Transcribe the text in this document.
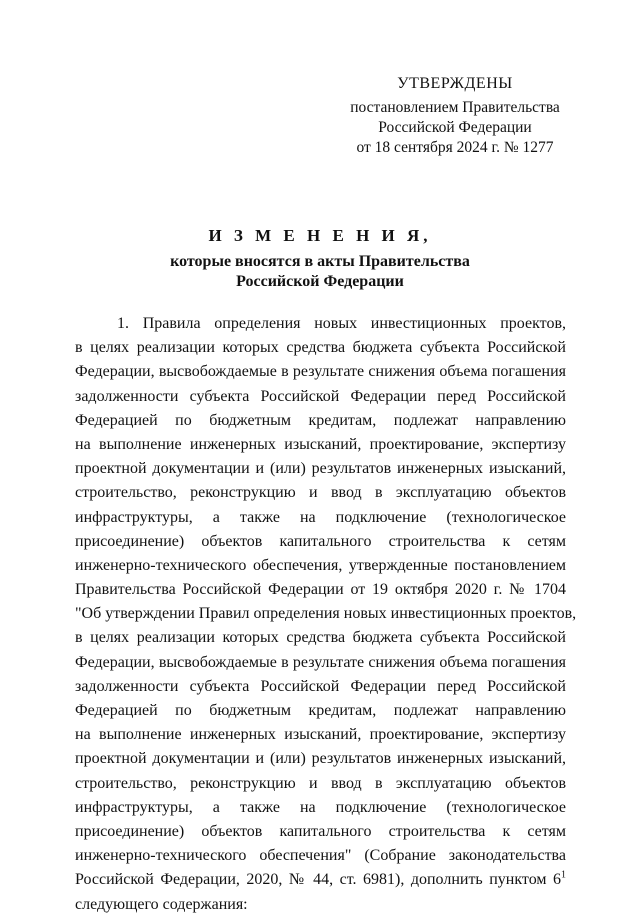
УТВЕРЖДЕНЫ
постановлением Правительства
Российской Федерации
от 18 сентября 2024 г. № 1277
И З М Е Н Е Н И Я,
которые вносятся в акты Правительства
Российской Федерации
1. Правила определения новых инвестиционных проектов,
в целях реализации которых средства бюджета субъекта Российской
Федерации, высвобождаемые в результате снижения объема погашения
задолженности субъекта Российской Федерации перед Российской
Федерацией по бюджетным кредитам, подлежат направлению
на выполнение инженерных изысканий, проектирование, экспертизу
проектной документации и (или) результатов инженерных изысканий,
строительство, реконструкцию и ввод в эксплуатацию объектов
инфраструктуры, а также на подключение (технологическое
присоединение) объектов капитального строительства к сетям
инженерно-технического обеспечения, утвержденные постановлением
Правительства Российской Федерации от 19 октября 2020 г. № 1704
"Об утверждении Правил определения новых инвестиционных проектов,
в целях реализации которых средства бюджета субъекта Российской
Федерации, высвобождаемые в результате снижения объема погашения
задолженности субъекта Российской Федерации перед Российской
Федерацией по бюджетным кредитам, подлежат направлению
на выполнение инженерных изысканий, проектирование, экспертизу
проектной документации и (или) результатов инженерных изысканий,
строительство, реконструкцию и ввод в эксплуатацию объектов
инфраструктуры, а также на подключение (технологическое
присоединение) объектов капитального строительства к сетям
инженерно-технического обеспечения" (Собрание законодательства
Российской Федерации, 2020, № 44, ст. 6981), дополнить пунктом 6$^1$
следующего содержания:
